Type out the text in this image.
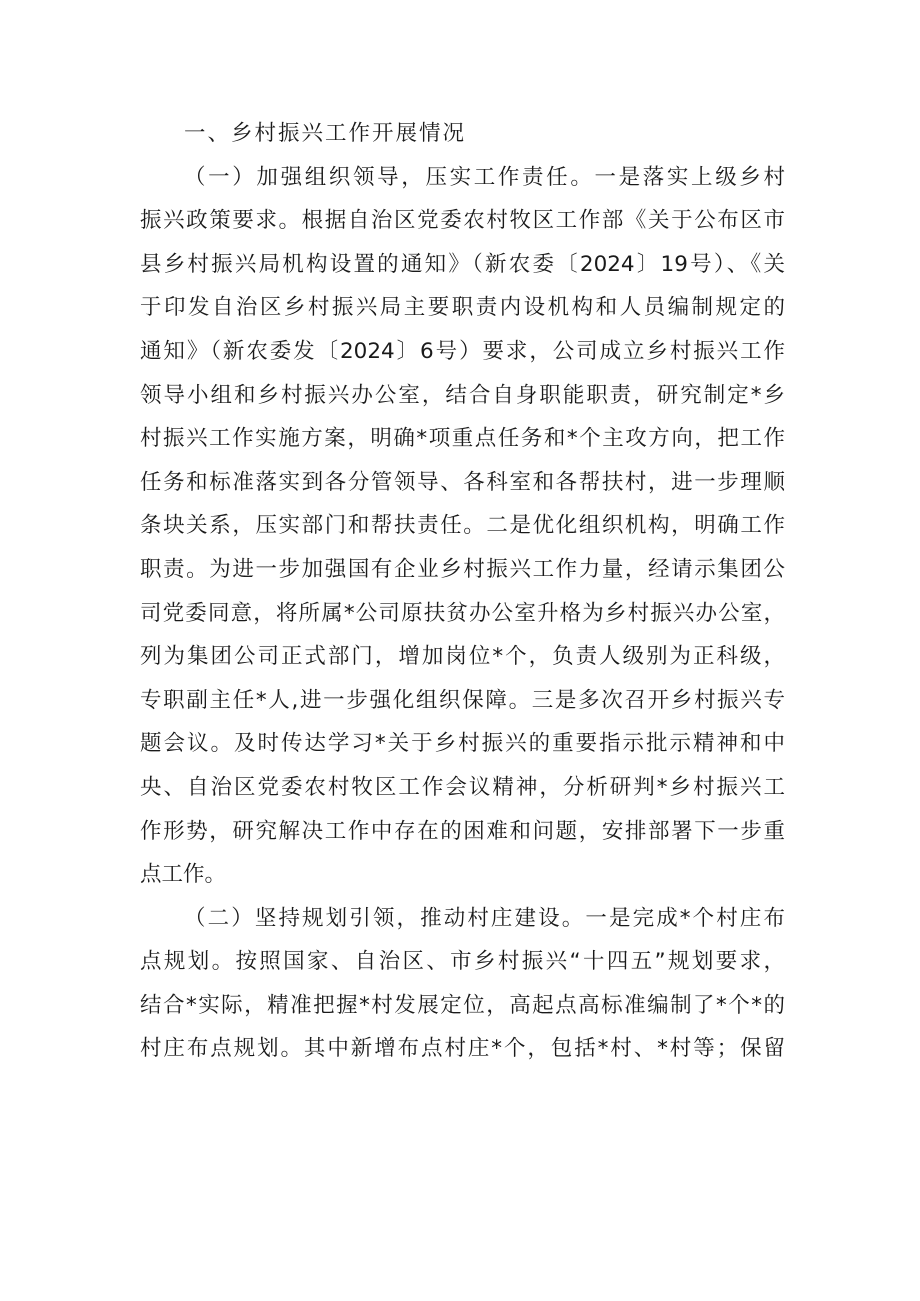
一、乡村振兴工作开展情况
（一）加强组织领导，压实工作责任。一是落实上级乡村
振兴政策要求。根据自治区党委农村牧区工作部《关于公布区市
县乡村振兴局机构设置的通知》（新农委〔2024〕19号）、《关
于印发自治区乡村振兴局主要职责内设机构和人员编制规定的
通知》（新农委发〔2024〕6号）要求，公司成立乡村振兴工作
领导小组和乡村振兴办公室，结合自身职能职责，研究制定*乡
村振兴工作实施方案，明确*项重点任务和*个主攻方向，把工作
任务和标准落实到各分管领导、各科室和各帮扶村，进一步理顺
条块关系，压实部门和帮扶责任。二是优化组织机构，明确工作
职责。为进一步加强国有企业乡村振兴工作力量，经请示集团公
司党委同意，将所属*公司原扶贫办公室升格为乡村振兴办公室，
列为集团公司正式部门，增加岗位*个，负责人级别为正科级，
专职副主任*人,进一步强化组织保障。三是多次召开乡村振兴专
题会议。及时传达学习*关于乡村振兴的重要指示批示精神和中
央、自治区党委农村牧区工作会议精神，分析研判*乡村振兴工
作形势，研究解决工作中存在的困难和问题，安排部署下一步重
点工作。
（二）坚持规划引领，推动村庄建设。一是完成*个村庄布
点规划。按照国家、自治区、市乡村振兴“十四五”规划要求，
结合*实际，精准把握*村发展定位，高起点高标准编制了*个*的
村庄布点规划。其中新增布点村庄*个，包括*村、*村等；保留
